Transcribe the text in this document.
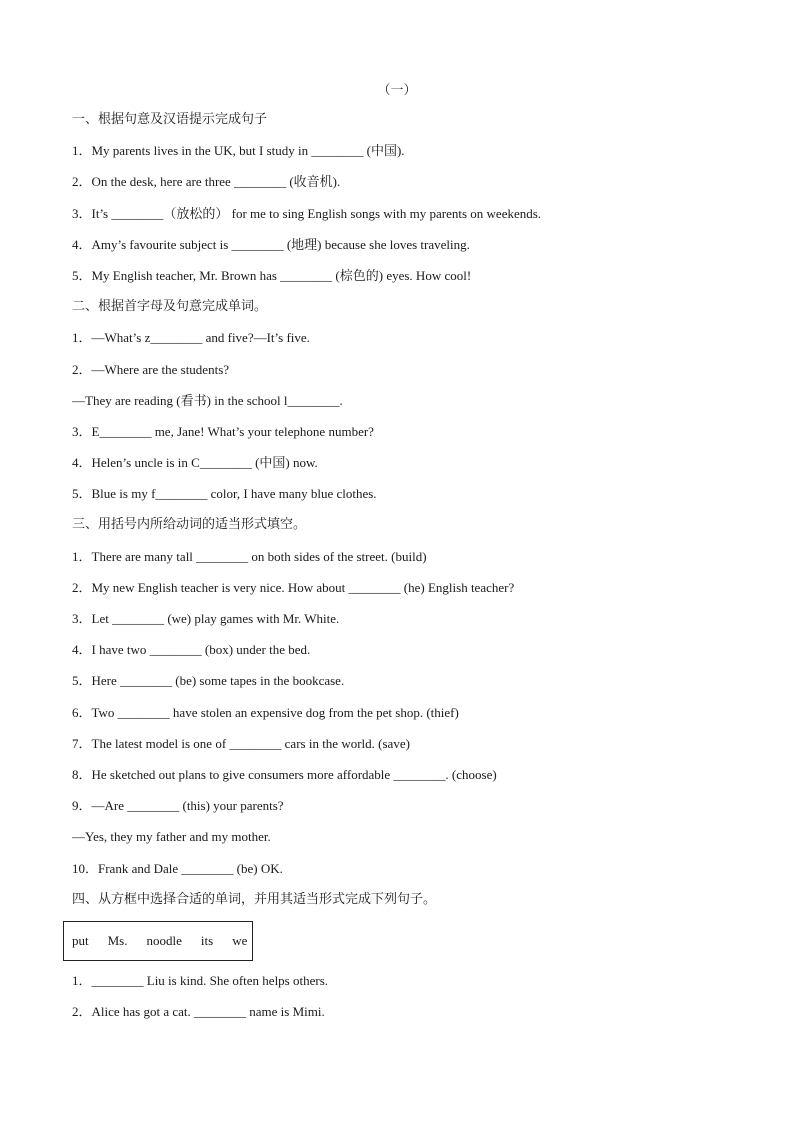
（一）
一、根据句意及汉语提示完成句子
1．My parents lives in the UK, but I study in ________ (中国).
2．On the desk, here are three ________ (收音机).
3．It’s ________（放松的） for me to sing English songs with my parents on weekends.
4．Amy’s favourite subject is ________ (地理) because she loves traveling.
5．My English teacher, Mr. Brown has ________ (棕色的) eyes. How cool!
二、根据首字母及句意完成单词。
1．—What’s z________ and five?—It’s five.
2．—Where are the students?
—They are reading (看书) in the school l________.
3．E________ me, Jane! What’s your telephone number?
4．Helen’s uncle is in C________ (中国) now.
5．Blue is my f________ color, I have many blue clothes.
三、用括号内所给动词的适当形式填空。
1．There are many tall ________ on both sides of the street. (build)
2．My new English teacher is very nice. How about ________ (he) English teacher?
3．Let ________ (we) play games with Mr. White.
4．I have two ________ (box) under the bed.
5．Here ________ (be) some tapes in the bookcase.
6．Two ________ have stolen an expensive dog from the pet shop. (thief)
7．The latest model is one of ________ cars in the world. (save)
8．He sketched out plans to give consumers more affordable ________. (choose)
9．—Are ________ (this) your parents?
—Yes, they my father and my mother.
10．Frank and Dale ________ (be) OK.
四、从方框中选择合适的单词，并用其适当形式完成下列句子。
put Ms. noodle its we
1．________ Liu is kind. She often helps others.
2．Alice has got a cat. ________ name is Mimi.
